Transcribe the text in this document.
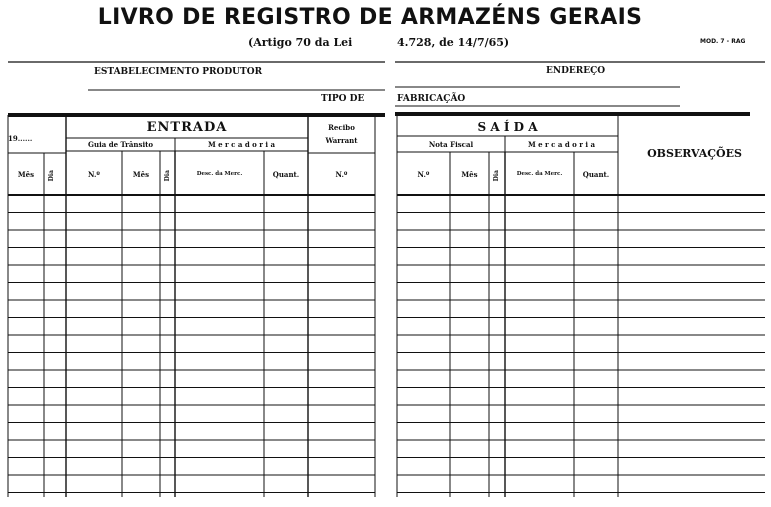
LIVRO DE REGISTRO DE ARMAZÉNS GERAIS
(Artigo 70 da Lei	4.728, de 14/7/65)	MOD. 7 - RAG
ESTABELECIMENTO PRODUTOR	ENDEREÇO
TIPO DE	FABRICAÇÃO
19......
ENTRADA
Guia de Trânsito	M e r c a d o r i a
Recibo
Warrant
Mês	Dia	N.º	Mês	Dia	Desc. da Merc.	Quant.	N.º
S A Í D A
Nota Fiscal	M e r c a d o r i a
N.º	Mês	Dia	Desc. da Merc.	Quant.
OBSERVAÇÕES
